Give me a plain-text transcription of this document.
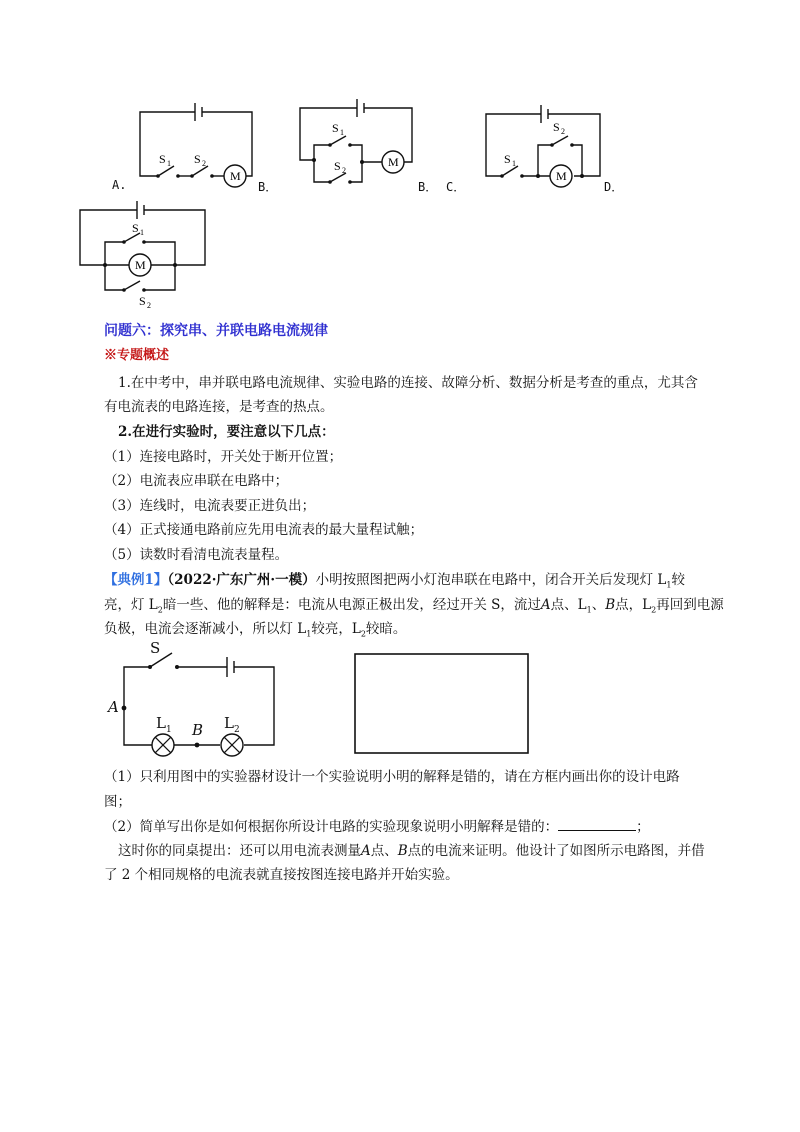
S 1 S 2
M
S 1
S 2
M	S 1
S 2
M
S 1
S 2
M
A.	B．	B． C．	D．
问题六：探究串、并联电路电流规律
※专题概述
1.在中考中，串并联电路电流规律、实验电路的连接、故障分析、数据分析是考查的重点，尤其含
有电流表的电路连接，是考查的热点。
2.在进行实验时，要注意以下几点：
（1）连接电路时，开关处于断开位置；
（2）电流表应串联在电路中；
（3）连线时，电流表要正进负出；
（4）正式接通电路前应先用电流表的最大量程试触；
（5）读数时看清电流表量程。
【典例1】（2022·广东广州·一模）小明按照图把两小灯泡串联在电路中，闭合开关后发现灯 $L_1$较
亮，灯 $L_2$暗一些、他的解释是：电流从电源正极出发，经过开关 S，流过A点、$L_1$、B点，$L_2$再回到电源
负极，电流会逐渐减小，所以灯 $L_1$较亮，$L_2$较暗。
S
A
B
$L_1$	$L_2$
（1）只利用图中的实验器材设计一个实验说明小明的解释是错的，请在方框内画出你的设计电路
图；
（2）简单写出你是如何根据你所设计电路的实验现象说明小明解释是错的：	；
这时你的同桌提出：还可以用电流表测量A点、B点的电流来证明。他设计了如图所示电路图，并借
了 2 个相同规格的电流表就直接按图连接电路并开始实验。
